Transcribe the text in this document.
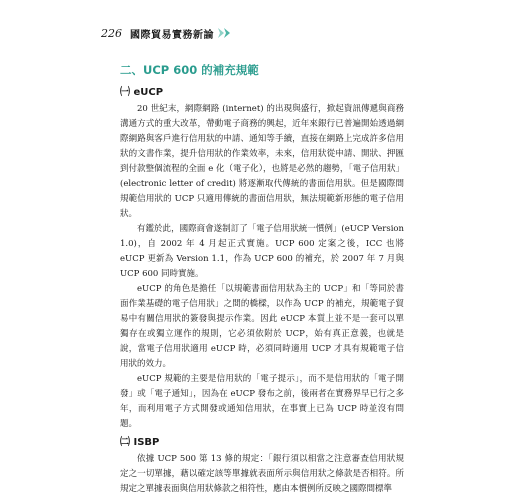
226 國際貿易實務新論
二、UCP 600 的補充規範
㈠ eUCP

20 世紀末，網際網路 (internet) 的出現與盛行，掀起資訊傳遞與商務溝通方式的重大改革，帶動電子商務的興起，近年來銀行已普遍開始透過網際網路與客戶進行信用狀的申請、通知等手續，直接在網路上完成許多信用狀的文書作業，提升信用狀的作業效率，未來，信用狀從申請、開狀、押匯到付款整個流程的全面 e 化（電子化），也將是必然的趨勢，「電子信用狀」(electronic letter of credit) 將逐漸取代傳統的書面信用狀。但是國際間規範信用狀的 UCP 只適用傳統的書面信用狀，無法規範新形態的電子信用狀。

有鑑於此，國際商會遂制訂了「電子信用狀統一慣例」(eUCP Version 1.0)，自 2002 年 4 月起正式實施。UCP 600 定案之後，ICC 也將 eUCP 更新為 Version 1.1，作為 UCP 600 的補充，於 2007 年 7 月與 UCP 600 同時實施。

eUCP 的角色是擔任「以規範書面信用狀為主的 UCP」和「等同於書面作業基礎的電子信用狀」之間的橋樑，以作為 UCP 的補充，規範電子貿易中有關信用狀的簽發與提示作業。因此 eUCP 本質上並不是一套可以單獨存在或獨立運作的規則，它必須依附於 UCP，始有真正意義，也就是說，當電子信用狀適用 eUCP 時，必須同時適用 UCP 才具有規範電子信用狀的效力。

eUCP 規範的主要是信用狀的「電子提示」，而不是信用狀的「電子開發」或「電子通知」，因為在 eUCP 發布之前，後兩者在實務界早已行之多年，而利用電子方式開發或通知信用狀，在事實上已為 UCP 時並沒有問題。

㈡ ISBP

依據 UCP 500 第 13 條的規定：「銀行須以相當之注意審查信用狀規定之一切單據，藉以確定該等單據就表面所示與信用狀之條款是否相符。所規定之單據表面與信用狀條款之相符性，應由本慣例所反映之國際間標準
